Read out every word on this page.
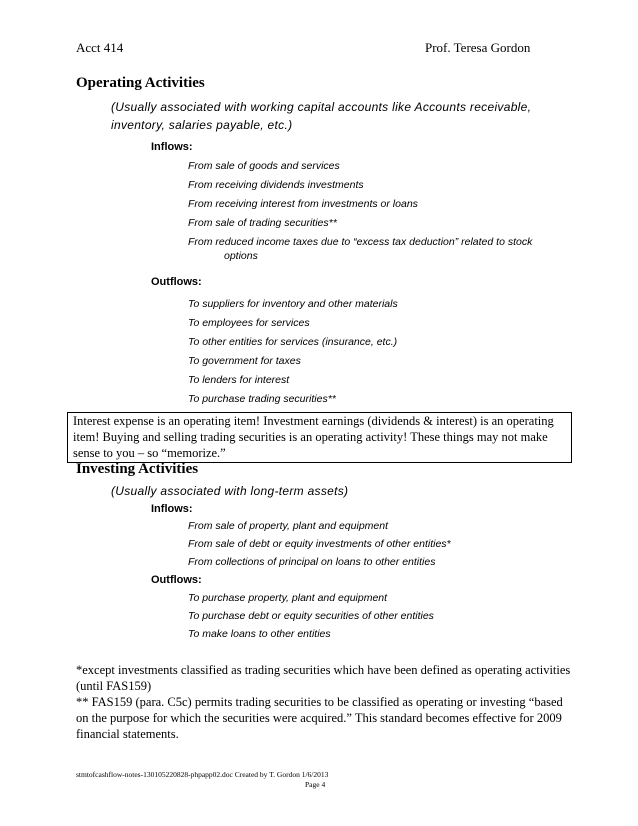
Acct 414	Prof. Teresa Gordon
Operating Activities
(Usually associated with working capital accounts like Accounts receivable,
inventory, salaries payable, etc.)
Inflows:
From sale of goods and services
From receiving dividends investments
From receiving interest from investments or loans
From sale of trading securities**
From reduced income taxes due to “excess tax deduction” related to stock
options
Outflows:
To suppliers for inventory and other materials
To employees for services
To other entities for services (insurance, etc.)
To government for taxes
To lenders for interest
To purchase trading securities**
Interest expense is an operating item! Investment earnings (dividends & interest) is an operating
item! Buying and selling trading securities is an operating activity! These things may not make
sense to you – so “memorize.”
Investing Activities
(Usually associated with long-term assets)
Inflows:
From sale of property, plant and equipment
From sale of debt or equity investments of other entities*
From collections of principal on loans to other entities
Outflows:
To purchase property, plant and equipment
To purchase debt or equity securities of other entities
To make loans to other entities
*except investments classified as trading securities which have been defined as operating activities
(until FAS159)
** FAS159 (para. C5c) permits trading securities to be classified as operating or investing “based
on the purpose for which the securities were acquired.” This standard becomes effective for 2009
financial statements.
stmtofcashflow-notes-130105220828-phpapp02.doc Created by T. Gordon 1/6/2013
Page 4
